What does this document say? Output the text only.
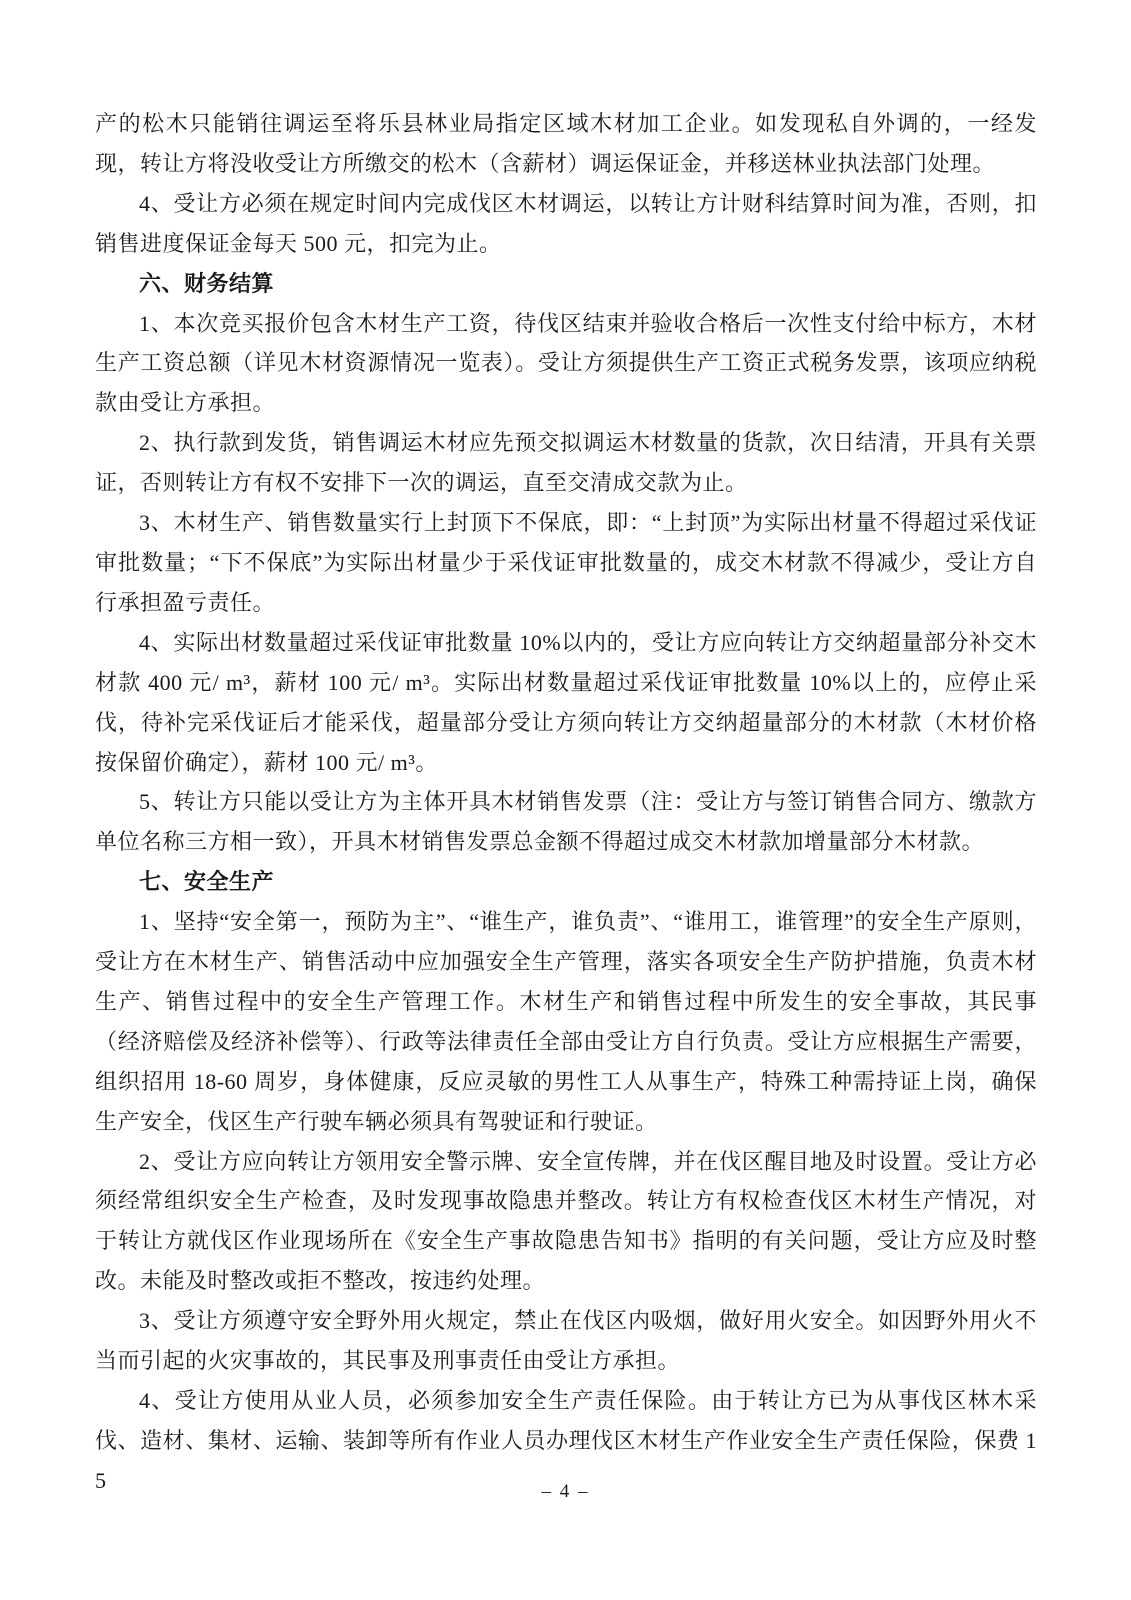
产的松木只能销往调运至将乐县林业局指定区域木材加工企业。如发现私自外调的，一经发现，转让方将没收受让方所缴交的松木（含薪材）调运保证金，并移送林业执法部门处理。

4、受让方必须在规定时间内完成伐区木材调运，以转让方计财科结算时间为准，否则，扣销售进度保证金每天 500 元，扣完为止。

六、财务结算

1、本次竞买报价包含木材生产工资，待伐区结束并验收合格后一次性支付给中标方，木材生产工资总额（详见木材资源情况一览表）。受让方须提供生产工资正式税务发票，该项应纳税款由受让方承担。

2、执行款到发货，销售调运木材应先预交拟调运木材数量的货款，次日结清，开具有关票证，否则转让方有权不安排下一次的调运，直至交清成交款为止。

3、木材生产、销售数量实行上封顶下不保底，即：“上封顶”为实际出材量不得超过采伐证审批数量；“下不保底”为实际出材量少于采伐证审批数量的，成交木材款不得减少，受让方自行承担盈亏责任。

4、实际出材数量超过采伐证审批数量 10%以内的，受让方应向转让方交纳超量部分补交木材款 400 元/ m³，薪材 100 元/ m³。实际出材数量超过采伐证审批数量 10%以上的，应停止采伐，待补完采伐证后才能采伐，超量部分受让方须向转让方交纳超量部分的木材款（木材价格按保留价确定），薪材 100 元/ m³。

5、转让方只能以受让方为主体开具木材销售发票（注：受让方与签订销售合同方、缴款方单位名称三方相一致），开具木材销售发票总金额不得超过成交木材款加增量部分木材款。

七、安全生产

1、坚持“安全第一，预防为主”、“谁生产，谁负责”、“谁用工，谁管理”的安全生产原则，受让方在木材生产、销售活动中应加强安全生产管理，落实各项安全生产防护措施，负责木材生产、销售过程中的安全生产管理工作。木材生产和销售过程中所发生的安全事故，其民事（经济赔偿及经济补偿等）、行政等法律责任全部由受让方自行负责。受让方应根据生产需要，组织招用 18-60 周岁，身体健康，反应灵敏的男性工人从事生产，特殊工种需持证上岗，确保生产安全，伐区生产行驶车辆必须具有驾驶证和行驶证。

2、受让方应向转让方领用安全警示牌、安全宣传牌，并在伐区醒目地及时设置。受让方必须经常组织安全生产检查，及时发现事故隐患并整改。转让方有权检查伐区木材生产情况，对于转让方就伐区作业现场所在《安全生产事故隐患告知书》指明的有关问题，受让方应及时整改。未能及时整改或拒不整改，按违约处理。

3、受让方须遵守安全野外用火规定，禁止在伐区内吸烟，做好用火安全。如因野外用火不当而引起的火灾事故的，其民事及刑事责任由受让方承担。

4、受让方使用从业人员，必须参加安全生产责任保险。由于转让方已为从事伐区林木采伐、造材、集材、运输、装卸等所有作业人员办理伐区木材生产作业安全生产责任保险，保费 15	– 4 –
